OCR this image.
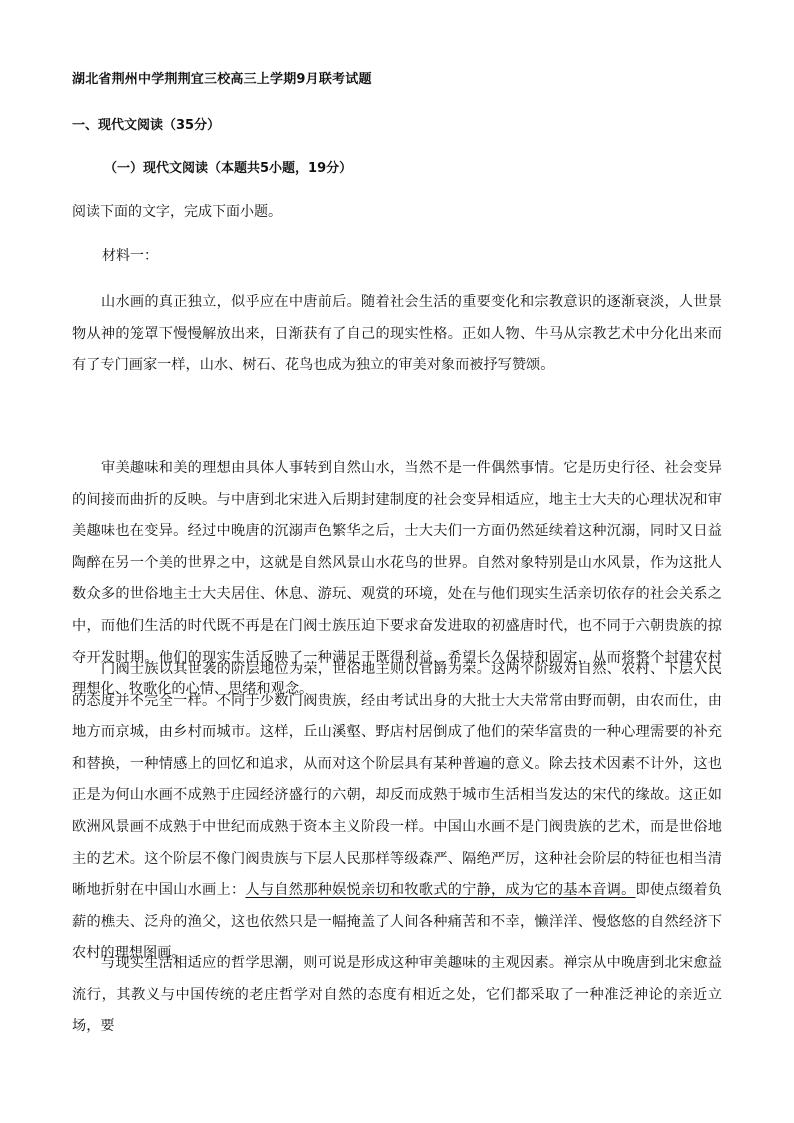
湖北省荆州中学荆荆宜三校高三上学期9月联考试题
一、现代文阅读（35分）
（一）现代文阅读（本题共5小题，19分）
阅读下面的文字，完成下面小题。
材料一：

山水画的真正独立，似乎应在中唐前后。随着社会生活的重要变化和宗教意识的逐渐衰淡，人世景物从神的笼罩下慢慢解放出来，日渐获有了自己的现实性格。正如人物、牛马从宗教艺术中分化出来而有了专门画家一样，山水、树石、花鸟也成为独立的审美对象而被抒写赞颂。

审美趣味和美的理想由具体人事转到自然山水，当然不是一件偶然事情。它是历史行径、社会变异的间接而曲折的反映。与中唐到北宋进入后期封建制度的社会变异相适应，地主士大夫的心理状况和审美趣味也在变异。经过中晚唐的沉溺声色繁华之后，士大夫们一方面仍然延续着这种沉溺，同时又日益陶醉在另一个美的世界之中，这就是自然风景山水花鸟的世界。自然对象特别是山水风景，作为这批人数众多的世俗地主士大夫居住、休息、游玩、观赏的环境，处在与他们现实生活亲切依存的社会关系之中，而他们生活的时代既不再是在门阀士族压迫下要求奋发进取的初盛唐时代，也不同于六朝贵族的掠夺开发时期。他们的现实生活反映了一种满足于既得利益，希望长久保持和固定，从而将整个封建农村理想化、牧歌化的心情、思绪和观念。

门阀士族以其世袭的阶层地位为荣，世俗地主则以官爵为荣。这两个阶级对自然、农村、下层人民的态度并不完全一样。不同于少数门阀贵族，经由考试出身的大批士大夫常常由野而朝，由农而仕，由地方而京城，由乡村而城市。这样，丘山溪壑、野店村居倒成了他们的荣华富贵的一种心理需要的补充和替换，一种情感上的回忆和追求，从而对这个阶层具有某种普遍的意义。除去技术因素不计外，这也正是为何山水画不成熟于庄园经济盛行的六朝，却反而成熟于城市生活相当发达的宋代的缘故。这正如欧洲风景画不成熟于中世纪而成熟于资本主义阶段一样。中国山水画不是门阀贵族的艺术，而是世俗地主的艺术。这个阶层不像门阀贵族与下层人民那样等级森严、隔绝严厉，这种社会阶层的特征也相当清晰地折射在中国山水画上：人与自然那种娱悦亲切和牧歌式的宁静，成为它的基本音调。即使点缀着负薪的樵夫、泛舟的渔父，这也依然只是一幅掩盖了人间各种痛苦和不幸，懒洋洋、慢悠悠的自然经济下农村的理想图画。

与现实生活相适应的哲学思潮，则可说是形成这种审美趣味的主观因素。禅宗从中晚唐到北宋愈益流行，其教义与中国传统的老庄哲学对自然的态度有相近之处，它们都采取了一种准泛神论的亲近立场，要
